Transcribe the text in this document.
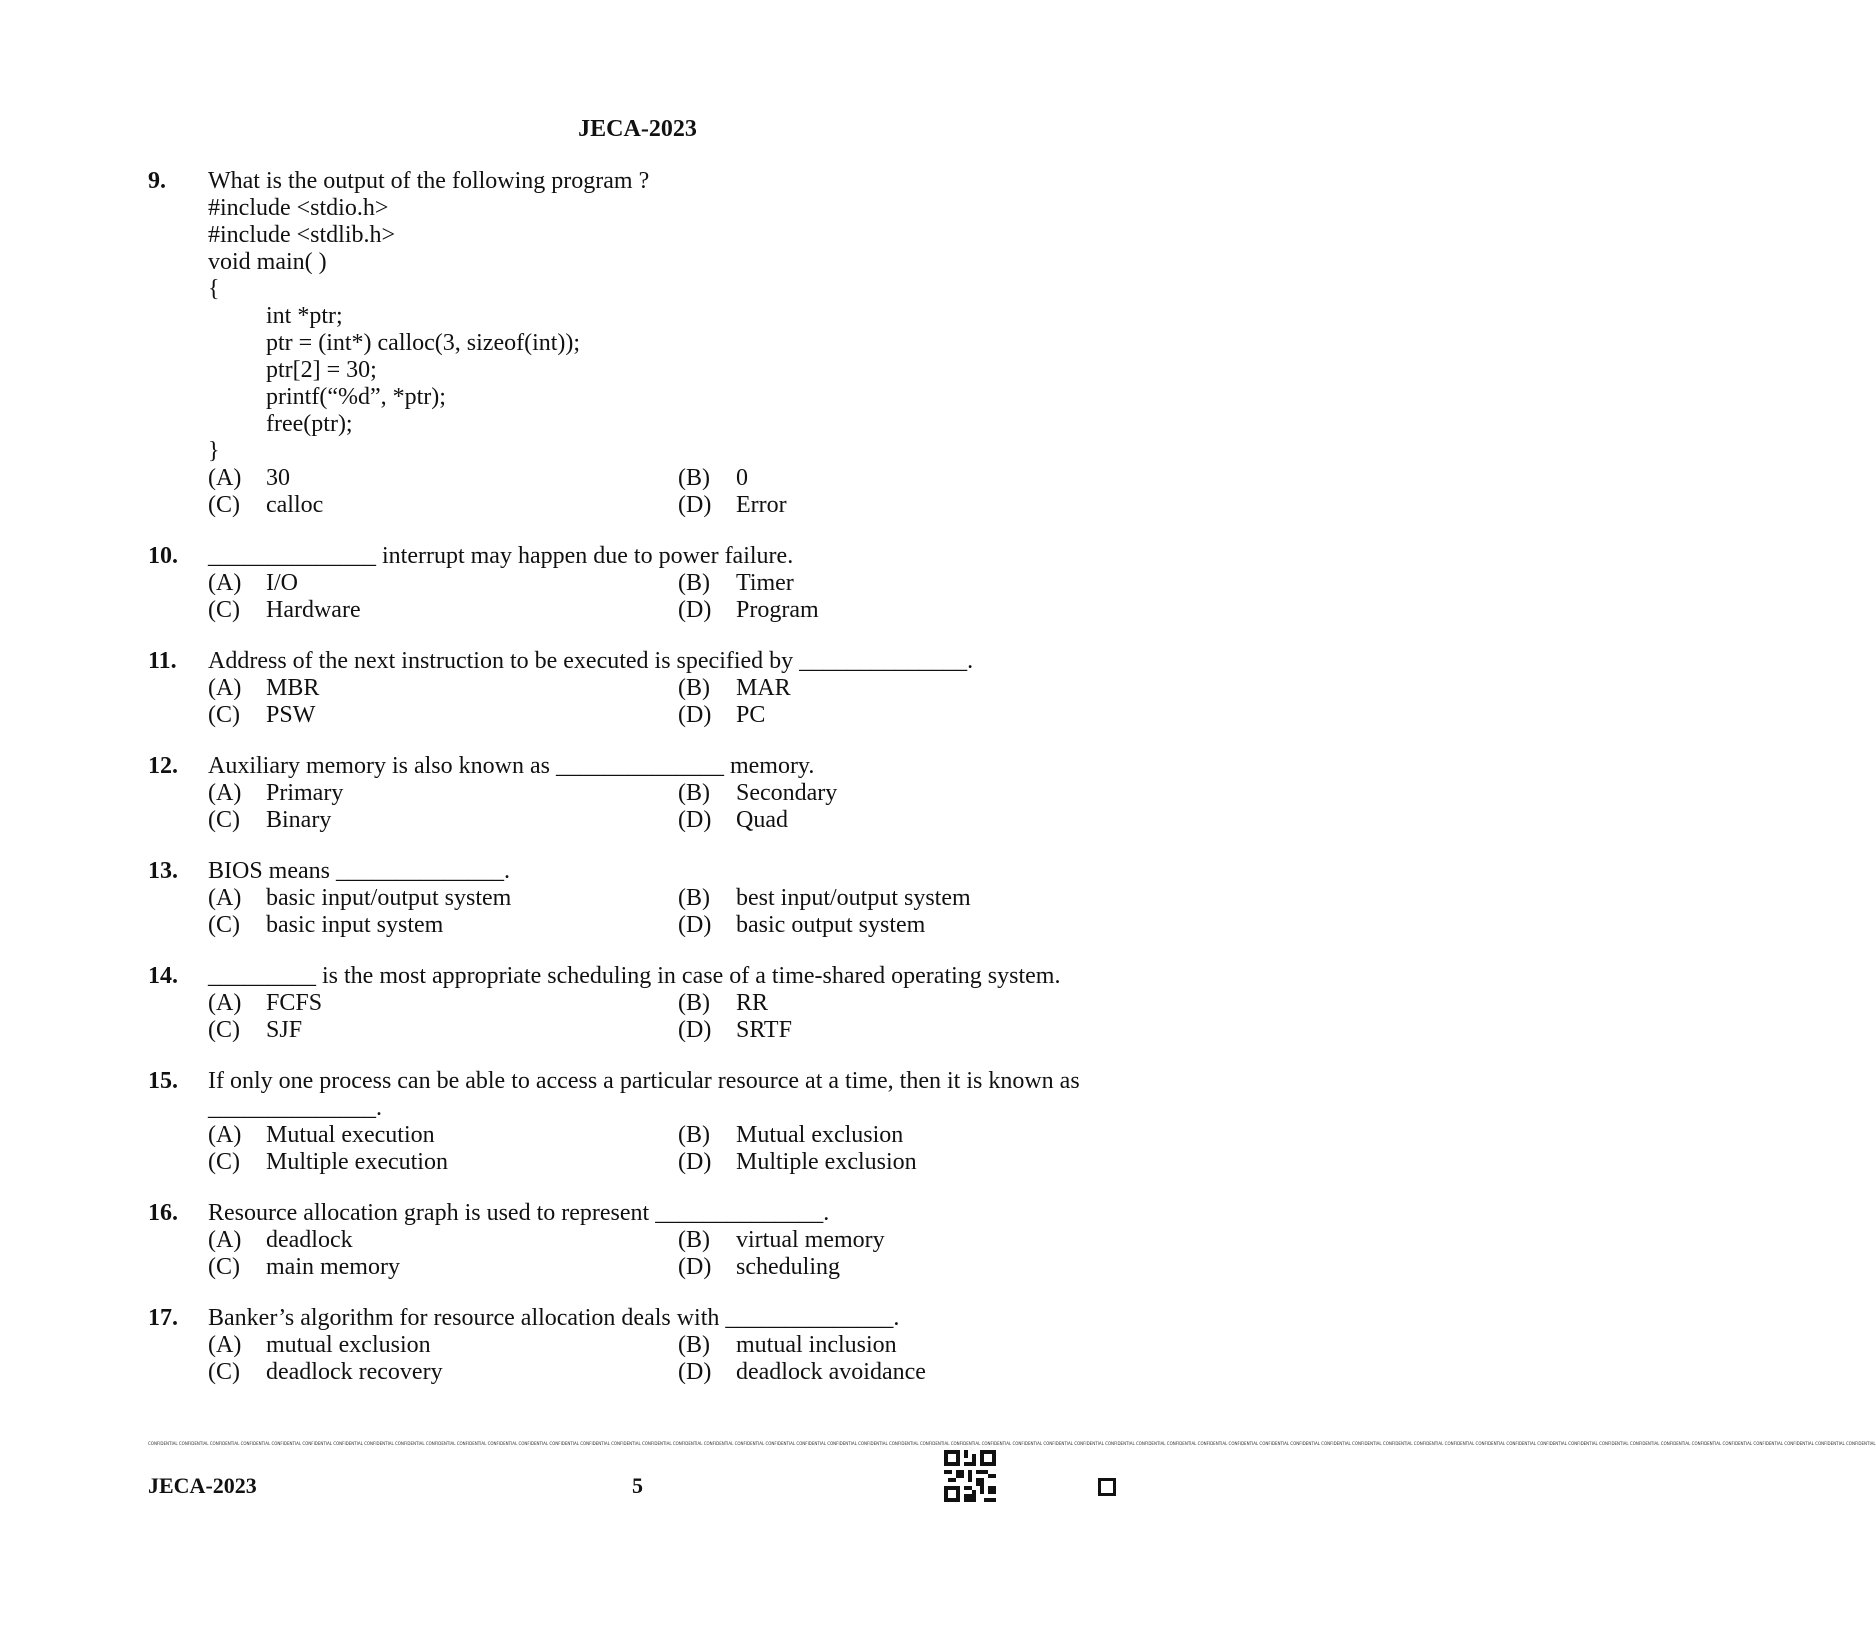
JECA-2023
9.	What is the output of the following program ?
#include <stdio.h>
#include <stdlib.h>
void main( )
{
int *ptr;
ptr = (int*) calloc(3, sizeof(int));
ptr[2] = 30;
printf(“%d”, *ptr);
free(ptr);
}
(A)	30	(B)	0
(C)	calloc	(D)	Error
10.	______________ interrupt may happen due to power failure.
(A)	I/O	(B)	Timer
(C)	Hardware	(D)	Program
11.	Address of the next instruction to be executed is specified by ______________.
(A)	MBR	(B)	MAR
(C)	PSW	(D)	PC
12.	Auxiliary memory is also known as ______________ memory.
(A)	Primary	(B)	Secondary
(C)	Binary	(D)	Quad
13.	BIOS means ______________.
(A)	basic input/output system	(B)	best input/output system
(C)	basic input system	(D)	basic output system
14.	_________ is the most appropriate scheduling in case of a time-shared operating system.
(A)	FCFS	(B)	RR
(C)	SJF	(D)	SRTF
15.	If only one process can be able to access a particular resource at a time, then it is known as ______________.
(A)	Mutual execution	(B)	Mutual exclusion
(C)	Multiple execution	(D)	Multiple exclusion
16.	Resource allocation graph is used to represent ______________.
(A)	deadlock	(B)	virtual memory
(C)	main memory	(D)	scheduling
17.	Banker’s algorithm for resource allocation deals with ______________.
(A)	mutual exclusion	(B)	mutual inclusion
(C)	deadlock recovery	(D)	deadlock avoidance
CONFIDENTIAL CONFIDENTIAL CONFIDENTIAL CONFIDENTIAL CONFIDENTIAL CONFIDENTIAL CONFIDENTIAL CONFIDENTIAL CONFIDENTIAL CONFIDENTIAL CONFIDENTIAL CONFIDENTIAL CONFIDENTIAL CONFIDENTIAL CONFIDENTIAL CONFIDENTIAL CONFIDENTIAL CONFIDENTIAL CONFIDENTIAL CONFIDENTIAL CONFIDENTIAL CONFIDENTIAL CONFIDENTIAL CONFIDENTIAL CONFIDENTIAL CONFIDENTIAL CONFIDENTIAL CONFIDENTIAL CONFIDENTIAL CONFIDENTIAL CONFIDENTIAL CONFIDENTIAL CONFIDENTIAL CONFIDENTIAL CONFIDENTIAL CONFIDENTIAL CONFIDENTIAL CONFIDENTIAL CONFIDENTIAL CONFIDENTIAL CONFIDENTIAL CONFIDENTIAL CONFIDENTIAL CONFIDENTIAL CONFIDENTIAL CONFIDENTIAL CONFIDENTIAL CONFIDENTIAL CONFIDENTIAL CONFIDENTIAL CONFIDENTIAL CONFIDENTIAL CONFIDENTIAL CONFIDENTIAL CONFIDENTIAL CONFIDENTIAL
JECA-2023	5
